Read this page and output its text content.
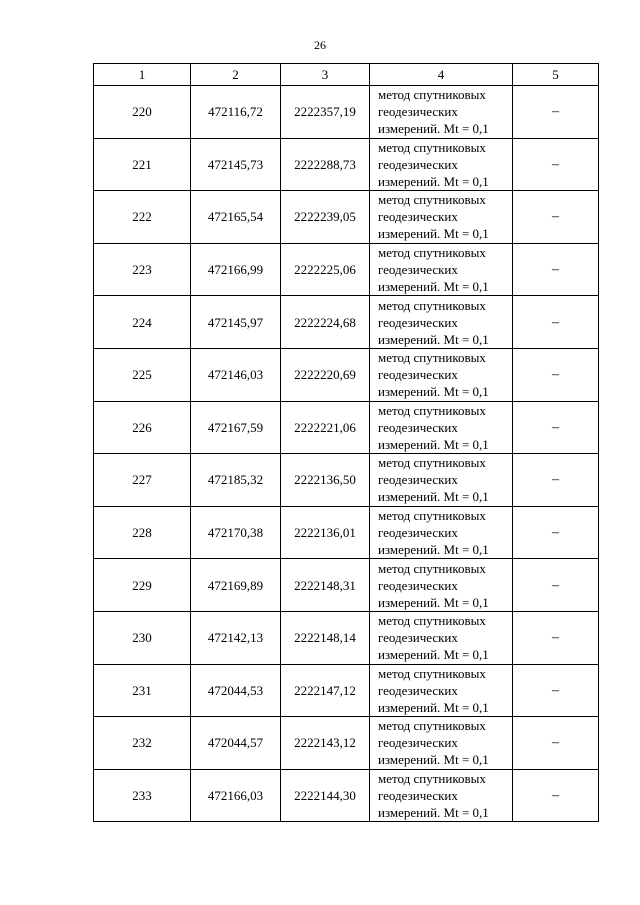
26
1	2	3	4	5
220	472116,72	2222357,19	метод спутниковых
геодезических
измерений. Mt = 0,1	–
221	472145,73	2222288,73	метод спутниковых
геодезических
измерений. Mt = 0,1	–
222	472165,54	2222239,05	метод спутниковых
геодезических
измерений. Mt = 0,1	–
223	472166,99	2222225,06	метод спутниковых
геодезических
измерений. Mt = 0,1	–
224	472145,97	2222224,68	метод спутниковых
геодезических
измерений. Mt = 0,1	–
225	472146,03	2222220,69	метод спутниковых
геодезических
измерений. Mt = 0,1	–
226	472167,59	2222221,06	метод спутниковых
геодезических
измерений. Mt = 0,1	–
227	472185,32	2222136,50	метод спутниковых
геодезических
измерений. Mt = 0,1	–
228	472170,38	2222136,01	метод спутниковых
геодезических
измерений. Mt = 0,1	–
229	472169,89	2222148,31	метод спутниковых
геодезических
измерений. Mt = 0,1	–
230	472142,13	2222148,14	метод спутниковых
геодезических
измерений. Mt = 0,1	–
231	472044,53	2222147,12	метод спутниковых
геодезических
измерений. Mt = 0,1	–
232	472044,57	2222143,12	метод спутниковых
геодезических
измерений. Mt = 0,1	–
233	472166,03	2222144,30	метод спутниковых
геодезических
измерений. Mt = 0,1	–
